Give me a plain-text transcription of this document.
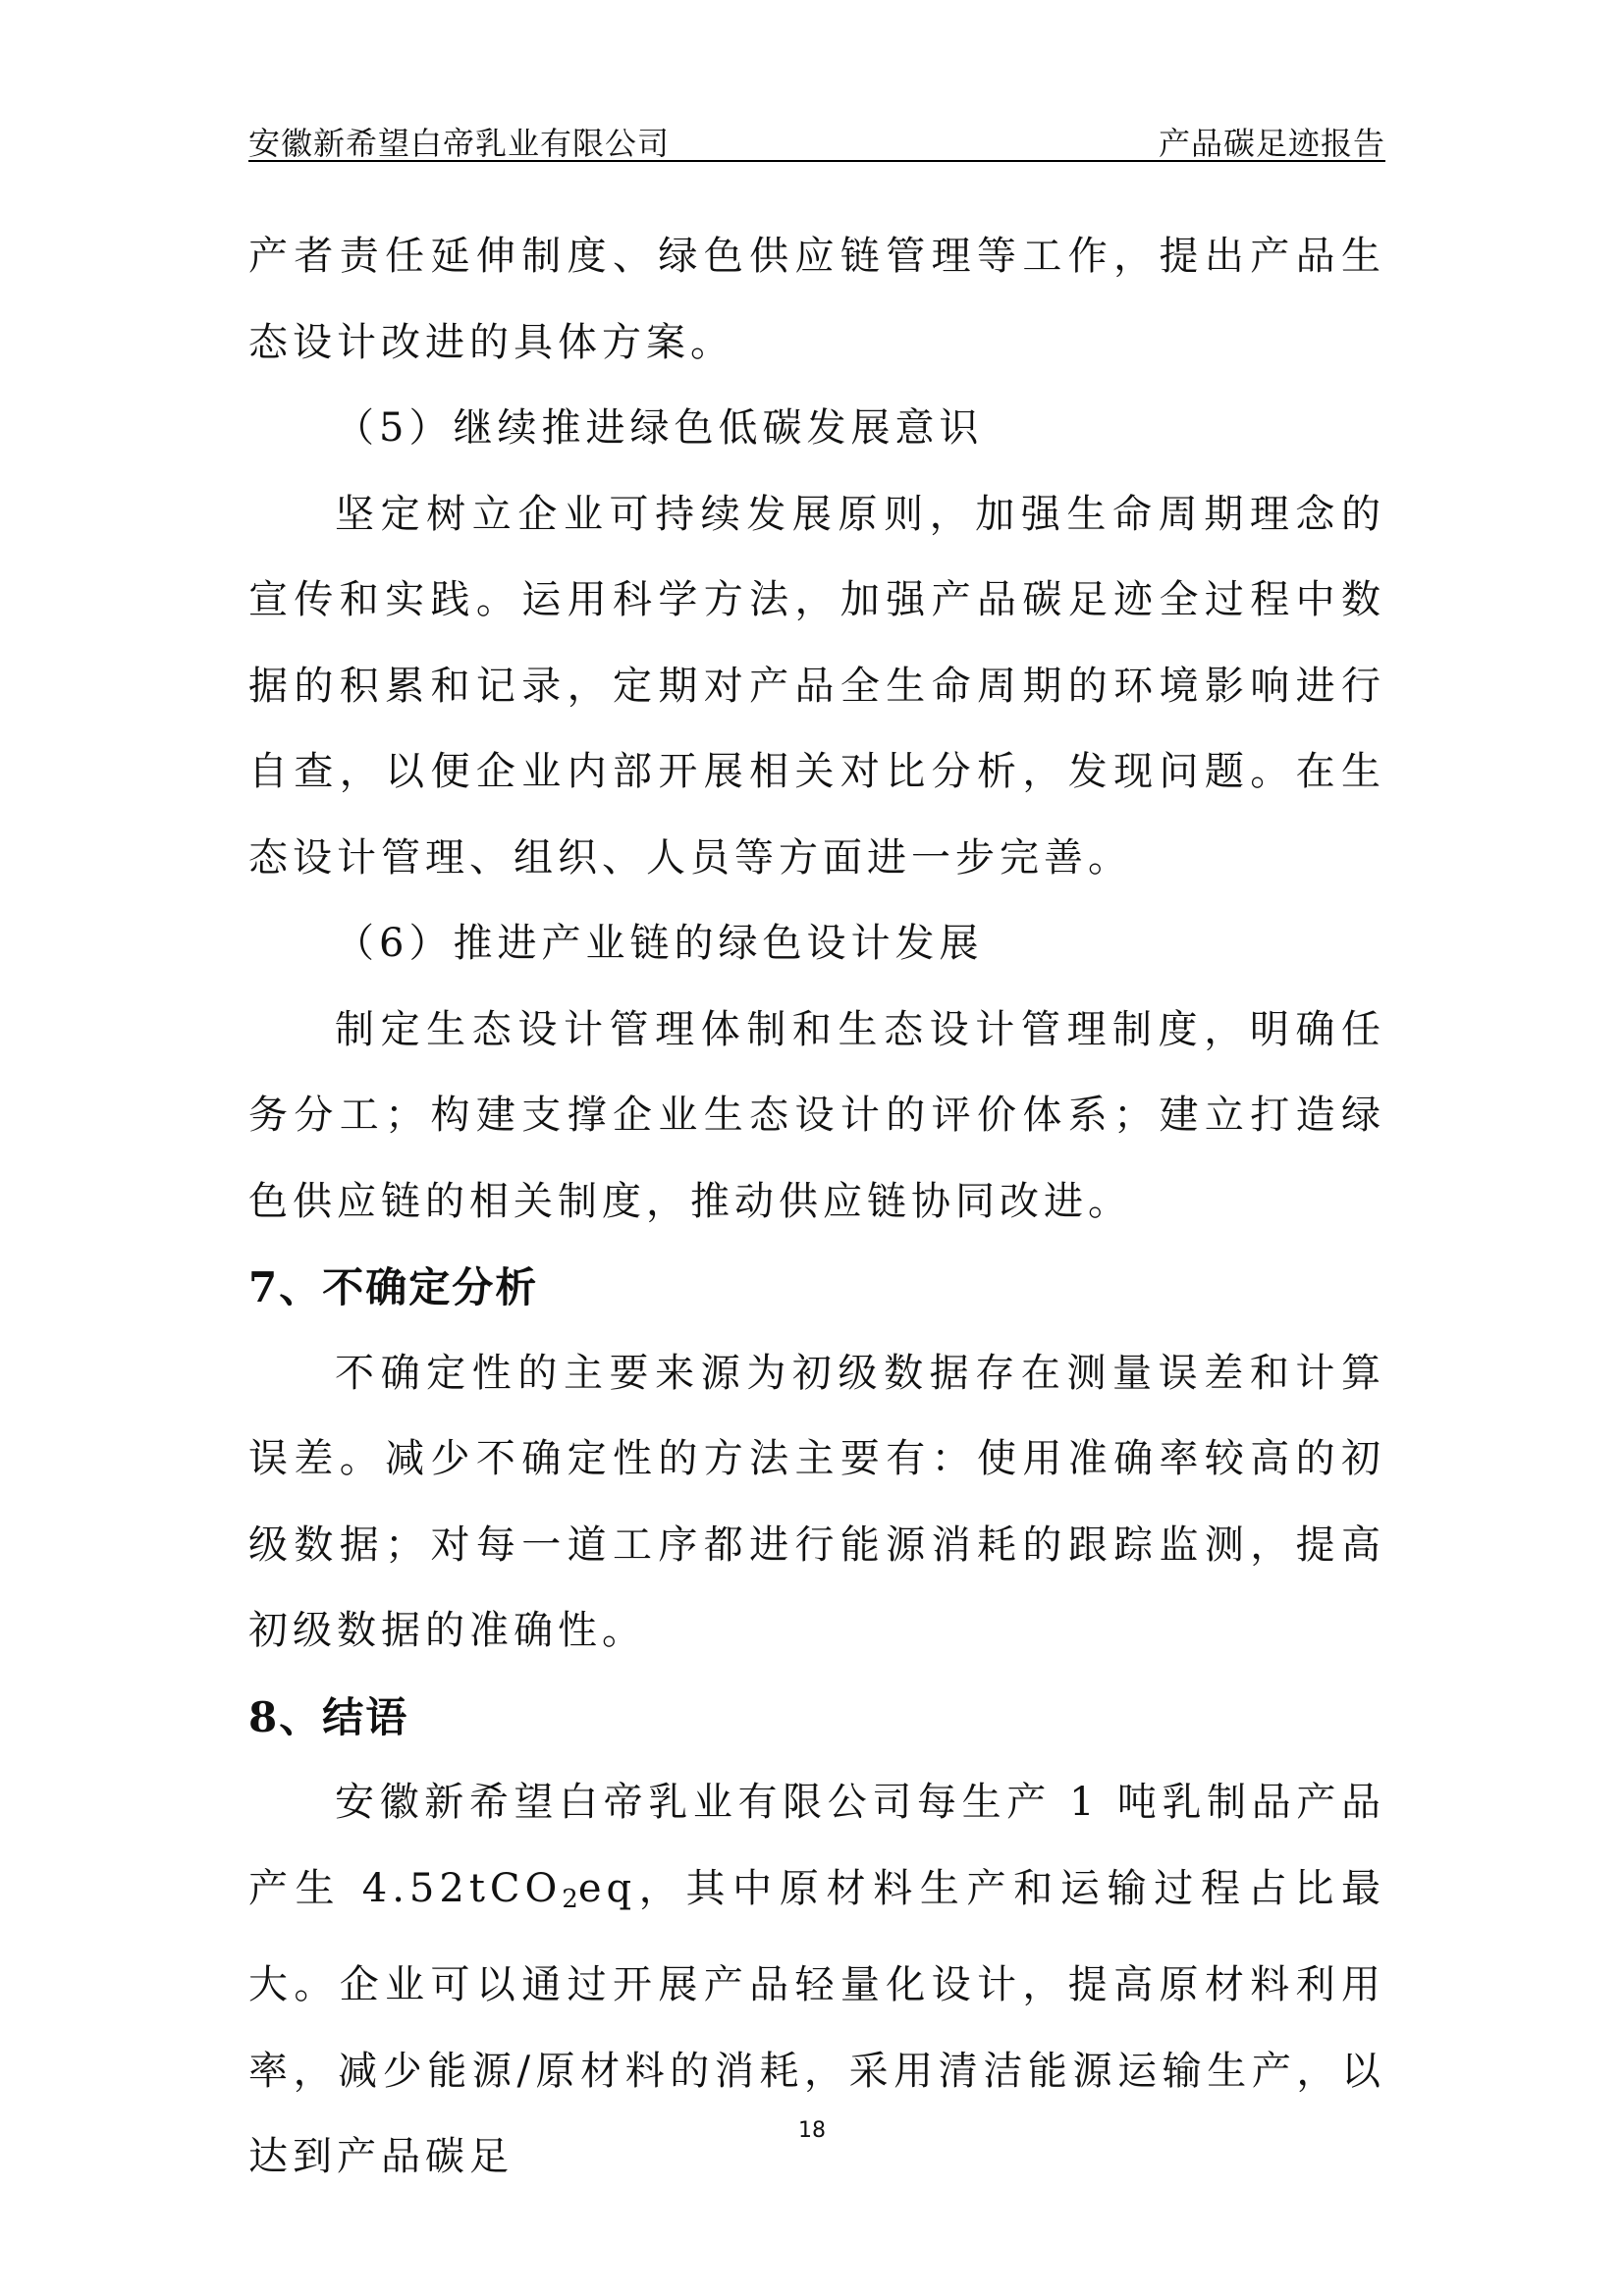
安徽新希望白帝乳业有限公司	产品碳足迹报告

产者责任延伸制度、绿色供应链管理等工作，提出产品生态设计改进的具体方案。

（5）继续推进绿色低碳发展意识

坚定树立企业可持续发展原则，加强生命周期理念的宣传和实践。运用科学方法，加强产品碳足迹全过程中数据的积累和记录，定期对产品全生命周期的环境影响进行自查，以便企业内部开展相关对比分析，发现问题。在生态设计管理、组织、人员等方面进一步完善。

（6）推进产业链的绿色设计发展

制定生态设计管理体制和生态设计管理制度，明确任务分工；构建支撑企业生态设计的评价体系；建立打造绿色供应链的相关制度，推动供应链协同改进。

7、不确定分析

不确定性的主要来源为初级数据存在测量误差和计算误差。减少不确定性的方法主要有：使用准确率较高的初级数据；对每一道工序都进行能源消耗的跟踪监测，提高初级数据的准确性。

8、结语

安徽新希望白帝乳业有限公司每生产 1 吨乳制品产品产生 4.52tCO$_2$eq，其中原材料生产和运输过程占比最大。企业可以通过开展产品轻量化设计，提高原材料利用率，减少能源/原材料的消耗，采用清洁能源运输生产，以达到产品碳足

18
